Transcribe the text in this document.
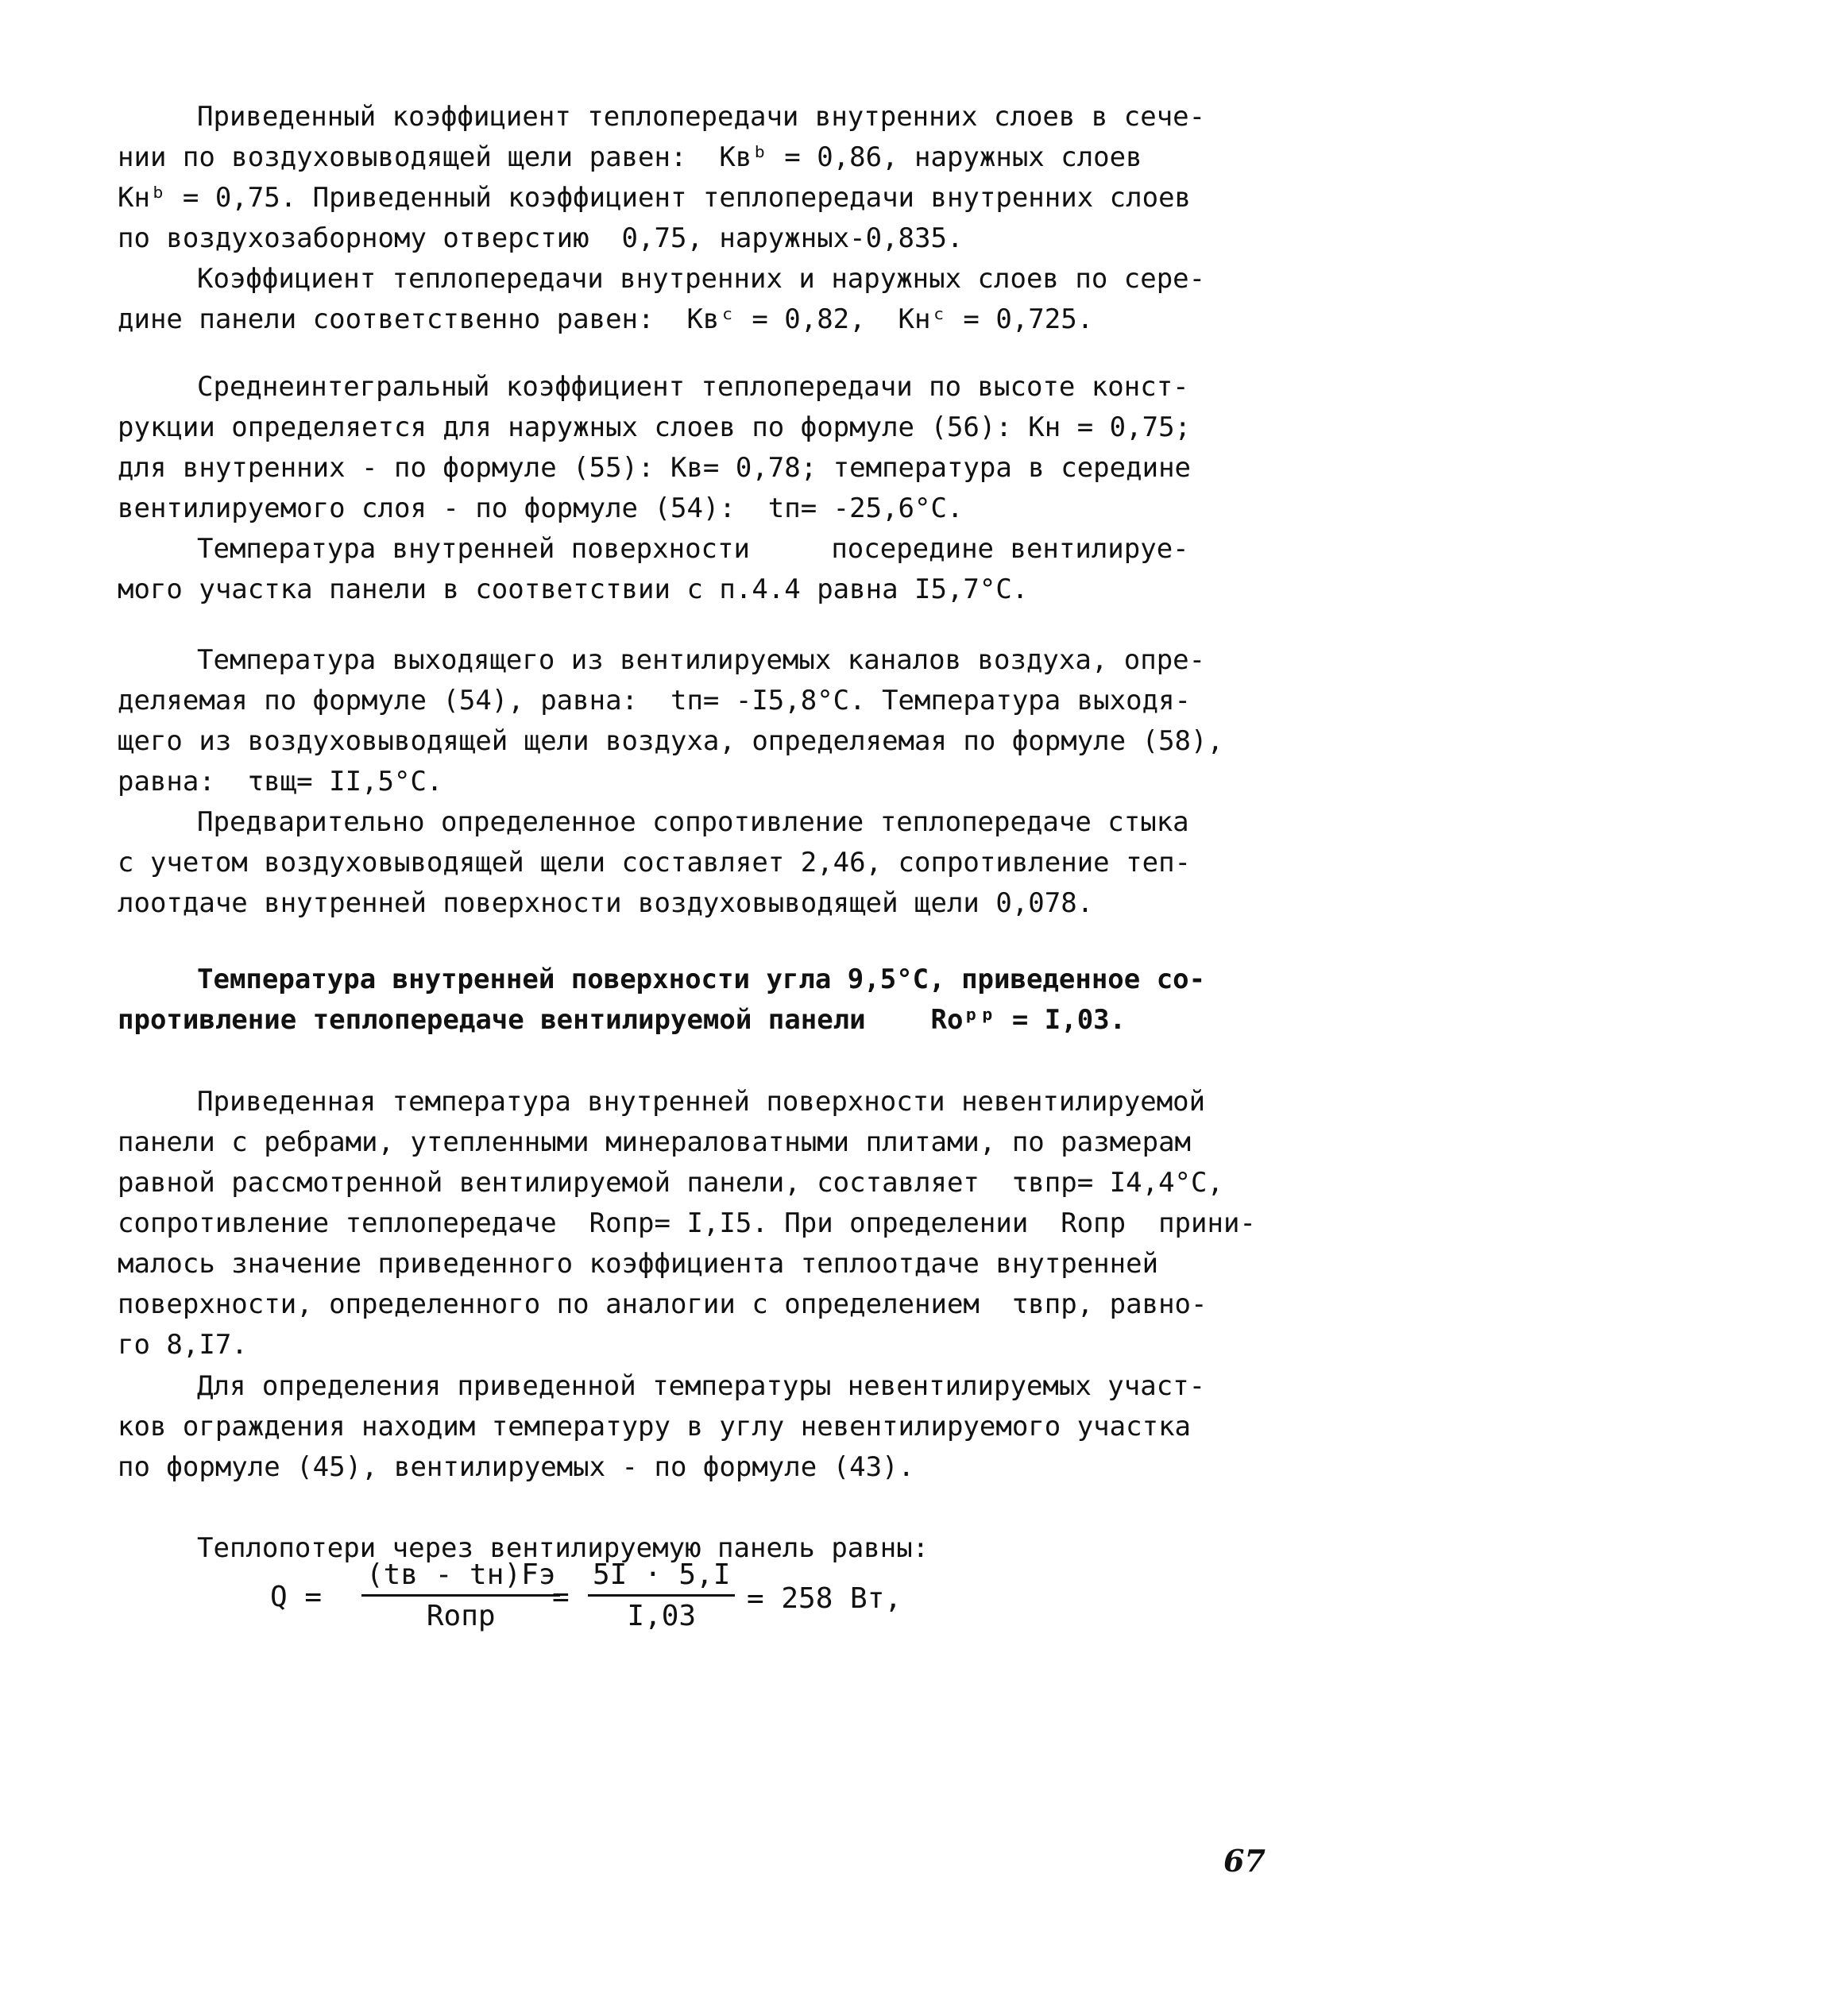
Приведенный коэффициент теплопередачи внутренних слоев в сече-
нии по воздуховыводящей щели равен:  Kвᵇ = 0,86, наружных слоев
Kнᵇ = 0,75. Приведенный коэффициент теплопередачи внутренних слоев
по воздухозаборному отверстию  0,75, наружных-0,835.
Коэффициент теплопередачи внутренних и наружных слоев по сере-
дине панели соответственно равен:  Kвᶜ = 0,82,  Kнᶜ = 0,725.
Среднеинтегральный коэффициент теплопередачи по высоте конст-
рукции определяется для наружных слоев по формуле (56): Kн = 0,75;
для внутренних - по формуле (55): Kв= 0,78; температура в середине
вентилируемого слоя - по формуле (54):  tп= -25,6°C.
Температура внутренней поверхности     посередине вентилируе-
мого участка панели в соответствии с п.4.4 равна I5,7°C.
Температура выходящего из вентилируемых каналов воздуха, опре-
деляемая по формуле (54), равна:  tп= -I5,8°C. Температура выходя-
щего из воздуховыводящей щели воздуха, определяемая по формуле (58),
равна:  τвщ= II,5°C.
Предварительно определенное сопротивление теплопередаче стыка
с учетом воздуховыводящей щели составляет 2,46, сопротивление теп-
лоотдаче внутренней поверхности воздуховыводящей щели 0,078.
Температура внутренней поверхности угла 9,5°C, приведенное со-
противление теплопередаче вентилируемой панели    Rоᵖᵖ = I,03.
Приведенная температура внутренней поверхности невентилируемой
панели с ребрами, утепленными минераловатными плитами, по размерам
равной рассмотренной вентилируемой панели, составляет  τвпр= I4,4°C,
сопротивление теплопередаче  Rопр= I,I5. При определении  Rопр  прини-
малось значение приведенного коэффициента теплоотдаче внутренней
поверхности, определенного по аналогии с определением  τвпр, равно-
го 8,I7.
Для определения приведенной температуры невентилируемых участ-
ков ограждения находим температуру в углу невентилируемого участка
по формуле (45), вентилируемых - по формуле (43).
Теплопотери через вентилируемую панель равны:
Q =
(tв - tн)Fэ
Rопр
= $\frac{5I \cdot 5,I}{I,03} = 258$ Вт,
67
